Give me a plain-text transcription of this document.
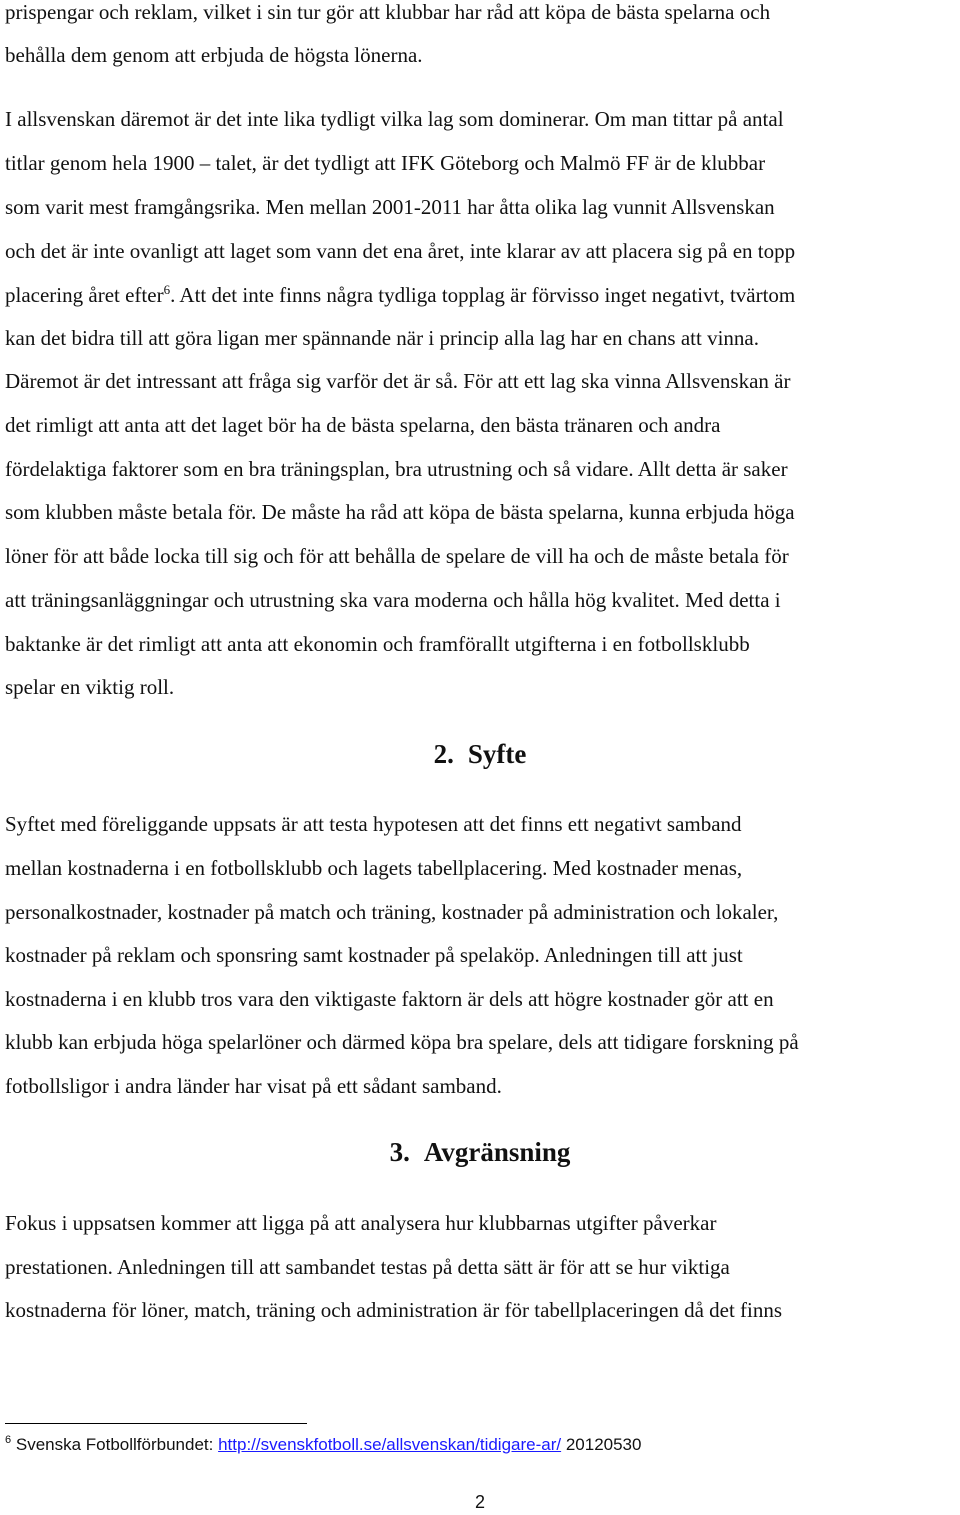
prispengar och reklam, vilket i sin tur gör att klubbar har råd att köpa de bästa spelarna och
behålla dem genom att erbjuda de högsta lönerna.
I allsvenskan däremot är det inte lika tydligt vilka lag som dominerar. Om man tittar på antal
titlar genom hela 1900 – talet, är det tydligt att IFK Göteborg och Malmö FF är de klubbar
som varit mest framgångsrika. Men mellan 2001-2011 har åtta olika lag vunnit Allsvenskan
och det är inte ovanligt att laget som vann det ena året, inte klarar av att placera sig på en topp
placering året efter$^6$. Att det inte finns några tydliga topplag är förvisso inget negativt, tvärtom
kan det bidra till att göra ligan mer spännande när i princip alla lag har en chans att vinna.
Däremot är det intressant att fråga sig varför det är så. För att ett lag ska vinna Allsvenskan är
det rimligt att anta att det laget bör ha de bästa spelarna, den bästa tränaren och andra
fördelaktiga faktorer som en bra träningsplan, bra utrustning och så vidare. Allt detta är saker
som klubben måste betala för. De måste ha råd att köpa de bästa spelarna, kunna erbjuda höga
löner för att både locka till sig och för att behålla de spelare de vill ha och de måste betala för
att träningsanläggningar och utrustning ska vara moderna och hålla hög kvalitet. Med detta i
baktanke är det rimligt att anta att ekonomin och framförallt utgifterna i en fotbollsklubb
spelar en viktig roll.
2. Syfte
Syftet med föreliggande uppsats är att testa hypotesen att det finns ett negativt samband
mellan kostnaderna i en fotbollsklubb och lagets tabellplacering. Med kostnader menas,
personalkostnader, kostnader på match och träning, kostnader på administration och lokaler,
kostnader på reklam och sponsring samt kostnader på spelaköp. Anledningen till att just
kostnaderna i en klubb tros vara den viktigaste faktorn är dels att högre kostnader gör att en
klubb kan erbjuda höga spelarlöner och därmed köpa bra spelare, dels att tidigare forskning på
fotbollsligor i andra länder har visat på ett sådant samband.
3. Avgränsning
Fokus i uppsatsen kommer att ligga på att analysera hur klubbarnas utgifter påverkar
prestationen. Anledningen till att sambandet testas på detta sätt är för att se hur viktiga
kostnaderna för löner, match, träning och administration är för tabellplaceringen då det finns
$^6$ Svenska Fotbollförbundet: http://svenskfotboll.se/allsvenskan/tidigare-ar/ 20120530
2
